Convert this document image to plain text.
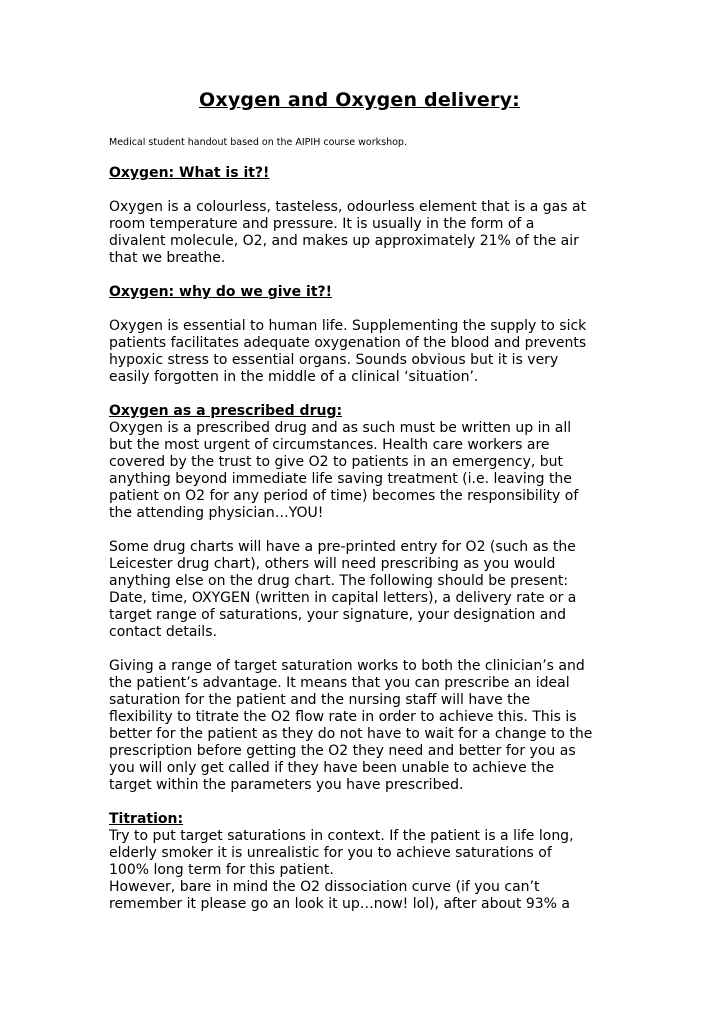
Oxygen and Oxygen delivery:
Medical student handout based on the AIPIH course workshop.
Oxygen: What is it?!
Oxygen is a colourless, tasteless, odourless element that is a gas at
room temperature and pressure. It is usually in the form of a
divalent molecule, O2, and makes up approximately 21% of the air
that we breathe.
Oxygen: why do we give it?!
Oxygen is essential to human life. Supplementing the supply to sick
patients facilitates adequate oxygenation of the blood and prevents
hypoxic stress to essential organs. Sounds obvious but it is very
easily forgotten in the middle of a clinical ‘situation’.
Oxygen as a prescribed drug:
Oxygen is a prescribed drug and as such must be written up in all
but the most urgent of circumstances. Health care workers are
covered by the trust to give O2 to patients in an emergency, but
anything beyond immediate life saving treatment (i.e. leaving the
patient on O2 for any period of time) becomes the responsibility of
the attending physician…YOU!
Some drug charts will have a pre-printed entry for O2 (such as the
Leicester drug chart), others will need prescribing as you would
anything else on the drug chart. The following should be present:
Date, time, OXYGEN (written in capital letters), a delivery rate or a
target range of saturations, your signature, your designation and
contact details.
Giving a range of target saturation works to both the clinician’s and
the patient’s advantage. It means that you can prescribe an ideal
saturation for the patient and the nursing staff will have the
flexibility to titrate the O2 flow rate in order to achieve this. This is
better for the patient as they do not have to wait for a change to the
prescription before getting the O2 they need and better for you as
you will only get called if they have been unable to achieve the
target within the parameters you have prescribed.
Titration:
Try to put target saturations in context. If the patient is a life long,
elderly smoker it is unrealistic for you to achieve saturations of
100% long term for this patient.
However, bare in mind the O2 dissociation curve (if you can’t
remember it please go an look it up…now! lol), after about 93% a
